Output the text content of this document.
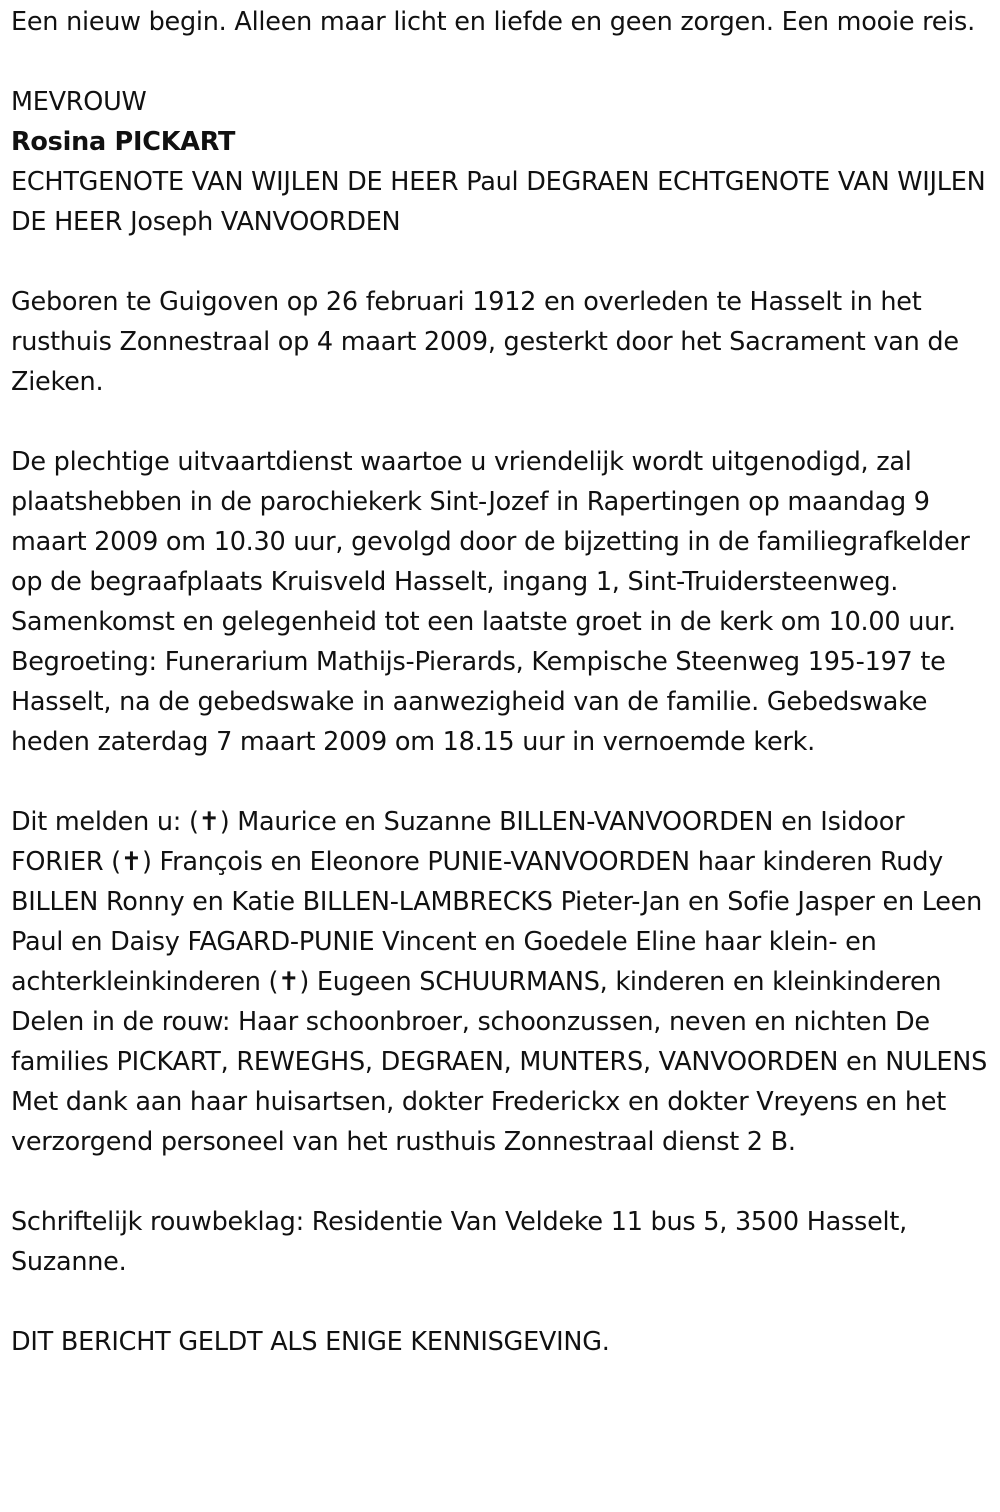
Een nieuw begin. Alleen maar licht en liefde en geen zorgen. Een mooie reis.

MEVROUW

Rosina PICKART

ECHTGENOTE VAN WIJLEN DE HEER Paul DEGRAEN ECHTGENOTE VAN WIJLEN DE HEER Joseph VANVOORDEN

Geboren te Guigoven op 26 februari 1912 en overleden te Hasselt in het rusthuis Zonnestraal op 4 maart 2009, gesterkt door het Sacrament van de Zieken.

De plechtige uitvaartdienst waartoe u vriendelijk wordt uitgenodigd, zal plaatshebben in de parochiekerk Sint-Jozef in Rapertingen op maandag 9 maart 2009 om 10.30 uur, gevolgd door de bijzetting in de familiegrafkelder op de begraafplaats Kruisveld Hasselt, ingang 1, Sint-Truidersteenweg. Samenkomst en gelegenheid tot een laatste groet in de kerk om 10.00 uur. Begroeting: Funerarium Mathijs-Pierards, Kempische Steenweg 195-197 te Hasselt, na de gebedswake in aanwezigheid van de familie. Gebedswake heden zaterdag 7 maart 2009 om 18.15 uur in vernoemde kerk.

Dit melden u: (✝) Maurice en Suzanne BILLEN-VANVOORDEN en Isidoor FORIER (✝) François en Eleonore PUNIE-VANVOORDEN haar kinderen Rudy BILLEN Ronny en Katie BILLEN-LAMBRECKS Pieter-Jan en Sofie Jasper en Leen Paul en Daisy FAGARD-PUNIE Vincent en Goedele Eline haar klein- en achterkleinkinderen (✝) Eugeen SCHUURMANS, kinderen en kleinkinderen Delen in de rouw: Haar schoonbroer, schoonzussen, neven en nichten De families PICKART, REWEGHS, DEGRAEN, MUNTERS, VANVOORDEN en NULENS Met dank aan haar huisartsen, dokter Frederickx en dokter Vreyens en het verzorgend personeel van het rusthuis Zonnestraal dienst 2 B.

Schriftelijk rouwbeklag: Residentie Van Veldeke 11 bus 5, 3500 Hasselt, Suzanne.

DIT BERICHT GELDT ALS ENIGE KENNISGEVING.
